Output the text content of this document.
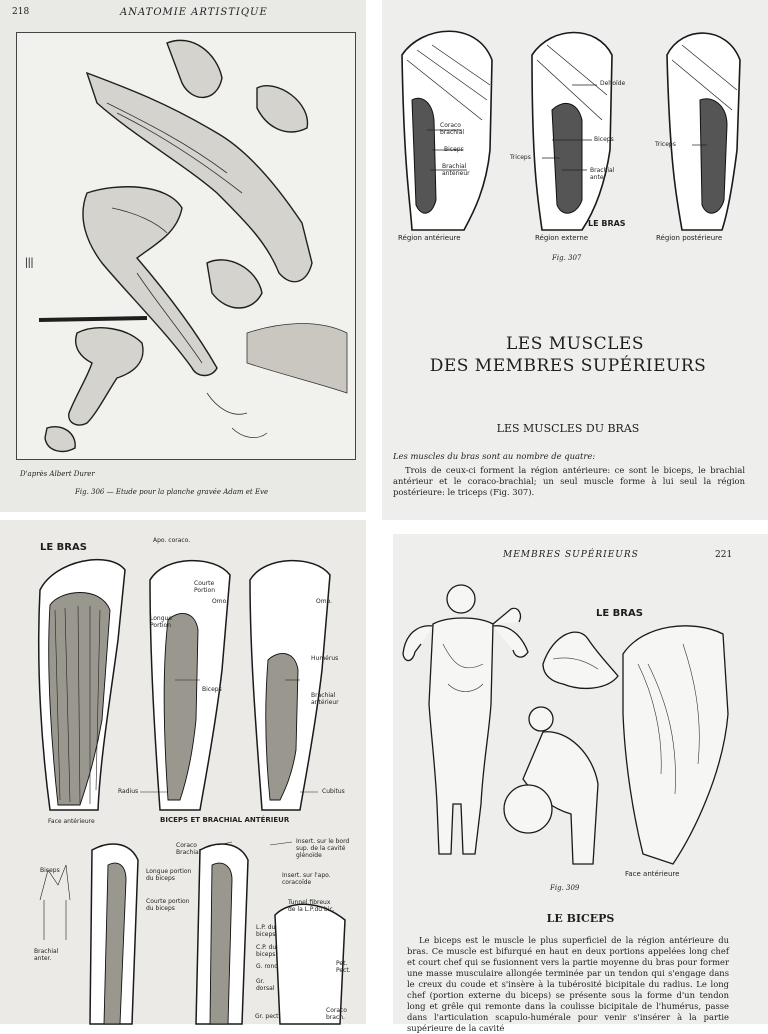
218	ANATOMIE ARTISTIQUE
ꔖ
D'après Albert Durer
Fig. 306 — Etude pour la planche gravée Adam et Eve
Coraco brachial
Biceps
Brachial antérieur
Deltoïde
Biceps
Triceps
Brachial anter
Triceps
LE BRAS
Région antérieure	Région externe	Région postérieure
Fig. 307
LES MUSCLES
DES MEMBRES SUPÉRIEURS
LES MUSCLES DU BRAS
Les muscles du bras sont au nombre de quatre:
Trois de ceux-ci forment la région antérieure: ce sont le biceps, le brachial antérieur et le coraco-brachial; un seul muscle forme à lui seul la région postérieure: le triceps (Fig. 307).
LE BRAS
Apo. coraco.
Omo.	Omo.
Longue Portion
Courte Portion
Humérus
Biceps
Brachial antérieur
Radius	Cubitus
Face antérieure	BICEPS ET BRACHIAL ANTÉRIEUR
Biceps
Brachial anter.
Coraco Brachial
Longue portion du biceps
Courte portion du biceps
Insert. sur le bord sup. de la cavité glénoïde
Insert. sur l'apo. coracoïde
Tunnel fibreux de la L.P.du bic.
L.P. du biceps
C.P. du biceps
G. rond
Gr. dorsal
Pet. Pect.
Gr. pect.
Coraco brach.
MEMBRES SUPÉRIEURS	221
LE BRAS
Face antérieure
Fig. 309
LE BICEPS
Le biceps est le muscle le plus superficiel de la région antérieure du bras. Ce muscle est bifurqué en haut en deux portions appelées long chef et court chef qui se fusionnent vers la partie moyenne du bras pour former une masse musculaire allongée terminée par un tendon qui s'engage dans le creux du coude et s'insère à la tubérosité bicipitale du radius. Le long chef (portion externe du biceps) se présente sous la forme d'un tendon long et grêle qui remonte dans la coulisse bicipitale de l'humérus, passe dans l'articulation scapulo-humérale pour venir s'insérer à la partie supérieure de la cavité
